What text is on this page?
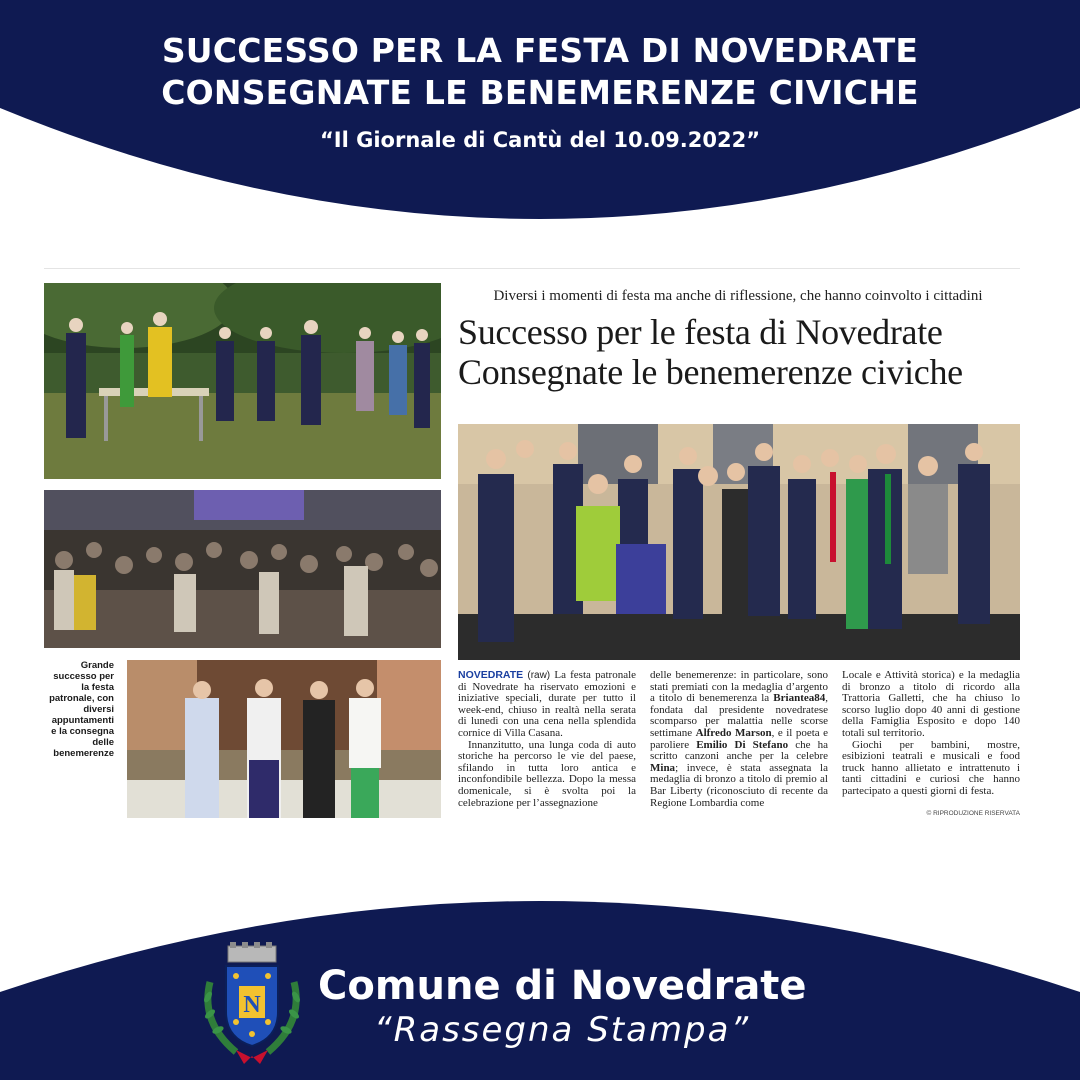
SUCCESSO PER LA FESTA DI NOVEDRATE
CONSEGNATE LE BENEMERENZE CIVICHE
“Il Giornale di Cantù del 10.09.2022”
Grande successo per la festa patronale, con diversi appuntamenti e la consegna delle benemerenze
Diversi i momenti di festa ma anche di riflessione, che hanno coinvolto i cittadini
Successo per le festa di Novedrate
Consegnate le benemerenze civiche

NOVEDRATE (raw) La festa patronale di Novedrate ha riservato emozioni e iniziative speciali, durate per tutto il week-end, chiuso in realtà nella serata di lunedì con una cena nella splendida cornice di Villa Casana.

Innanzitutto, una lunga coda di auto storiche ha percorso le vie del paese, sfilando in tutta loro antica e inconfondibile bellezza. Dopo la messa domenicale, si è svolta poi la celebrazione per l’assegnazione

delle benemerenze: in particolare, sono stati premiati con la medaglia d’argento a titolo di benemerenza la Briantea84, fondata dal presidente novedratese scomparso per malattia nelle scorse settimane Alfredo Marson, e il poeta e paroliere Emilio Di Stefano che ha scritto canzoni anche per la celebre Mina; invece, è stata assegnata la medaglia di bronzo a titolo di premio al Bar Liberty (riconosciuto di recente da Regione Lombardia come

Locale e Attività storica) e la medaglia di bronzo a titolo di ricordo alla Trattoria Galletti, che ha chiuso lo scorso luglio dopo 40 anni di gestione della Famiglia Esposito e dopo 140 totali sul territorio.

Giochi per bambini, mostre, esibizioni teatrali e musicali e food truck hanno allietato e intrattenuto i tanti cittadini e curiosi che hanno partecipato a questi giorni di festa.

© RIPRODUZIONE RISERVATA
N Comune di Novedrate
“Rassegna Stampa”
